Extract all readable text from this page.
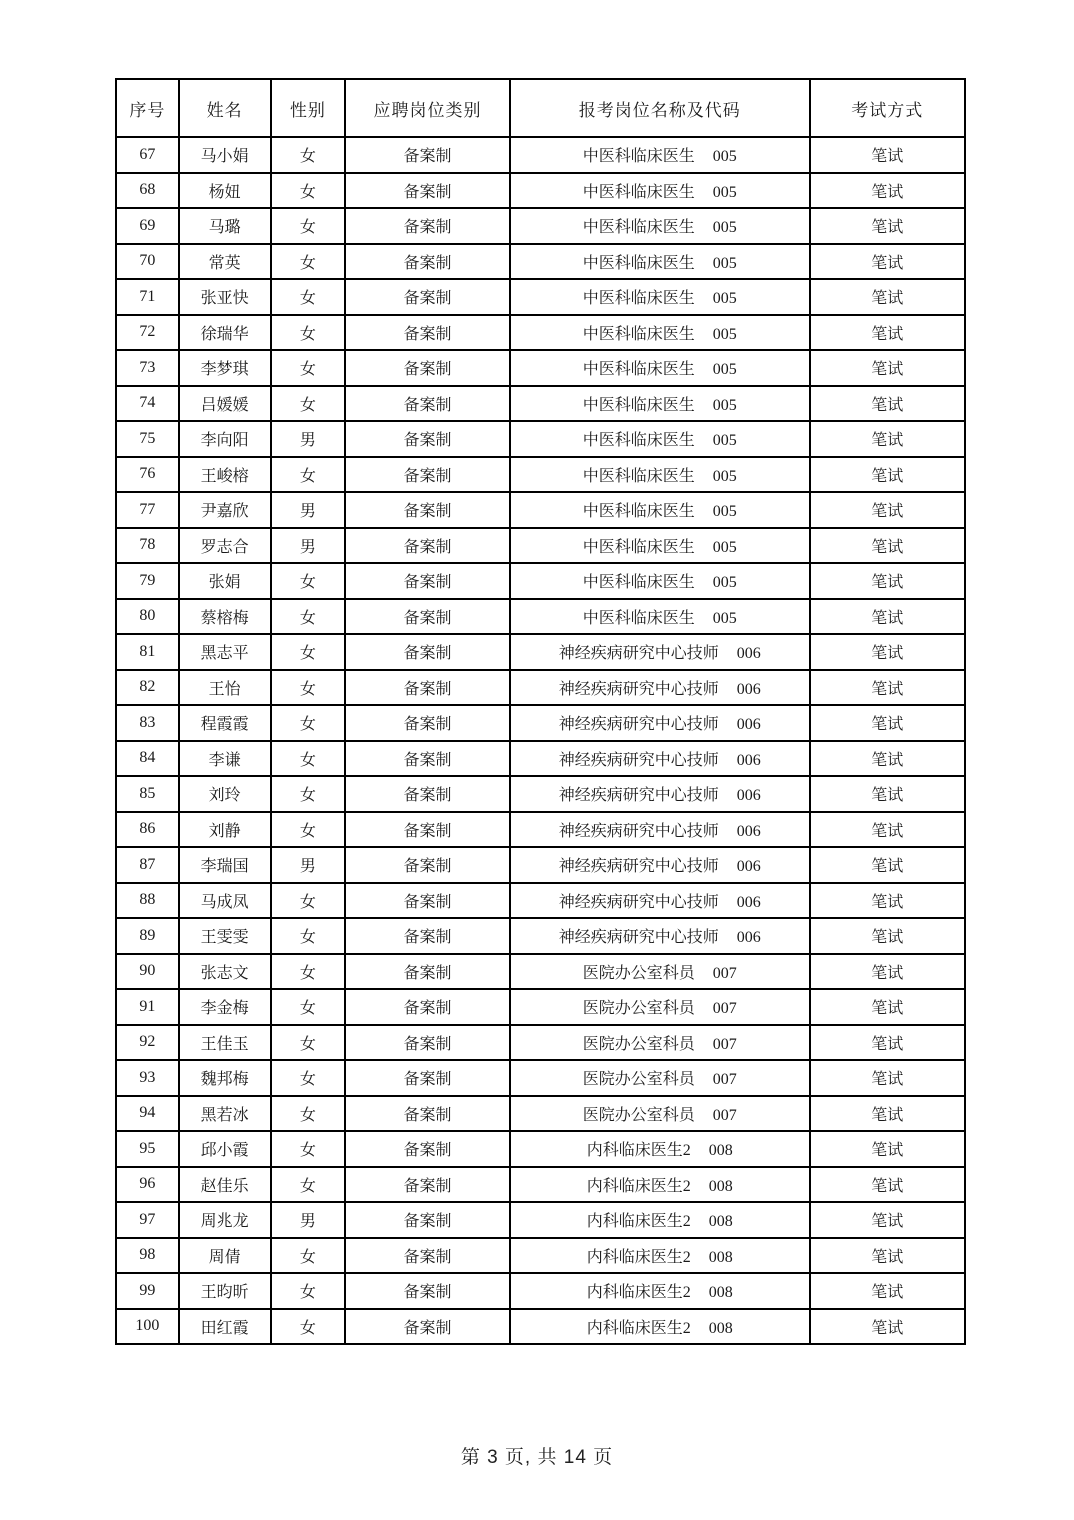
序号	姓名	性别	应聘岗位类别	报考岗位名称及代码	考试方式
67	马小娟	女	备案制	中医科临床医生 005	笔试
68	杨妞	女	备案制	中医科临床医生 005	笔试
69	马璐	女	备案制	中医科临床医生 005	笔试
70	常英	女	备案制	中医科临床医生 005	笔试
71	张亚快	女	备案制	中医科临床医生 005	笔试
72	徐瑞华	女	备案制	中医科临床医生 005	笔试
73	李梦琪	女	备案制	中医科临床医生 005	笔试
74	吕媛媛	女	备案制	中医科临床医生 005	笔试
75	李向阳	男	备案制	中医科临床医生 005	笔试
76	王峻榕	女	备案制	中医科临床医生 005	笔试
77	尹嘉欣	男	备案制	中医科临床医生 005	笔试
78	罗志合	男	备案制	中医科临床医生 005	笔试
79	张娟	女	备案制	中医科临床医生 005	笔试
80	蔡榕梅	女	备案制	中医科临床医生 005	笔试
81	黑志平	女	备案制	神经疾病研究中心技师 006	笔试
82	王怡	女	备案制	神经疾病研究中心技师 006	笔试
83	程霞霞	女	备案制	神经疾病研究中心技师 006	笔试
84	李谦	女	备案制	神经疾病研究中心技师 006	笔试
85	刘玲	女	备案制	神经疾病研究中心技师 006	笔试
86	刘静	女	备案制	神经疾病研究中心技师 006	笔试
87	李瑞国	男	备案制	神经疾病研究中心技师 006	笔试
88	马成凤	女	备案制	神经疾病研究中心技师 006	笔试
89	王雯雯	女	备案制	神经疾病研究中心技师 006	笔试
90	张志文	女	备案制	医院办公室科员 007	笔试
91	李金梅	女	备案制	医院办公室科员 007	笔试
92	王佳玉	女	备案制	医院办公室科员 007	笔试
93	魏邦梅	女	备案制	医院办公室科员 007	笔试
94	黑若冰	女	备案制	医院办公室科员 007	笔试
95	邱小霞	女	备案制	内科临床医生2 008	笔试
96	赵佳乐	女	备案制	内科临床医生2 008	笔试
97	周兆龙	男	备案制	内科临床医生2 008	笔试
98	周倩	女	备案制	内科临床医生2 008	笔试
99	王昀昕	女	备案制	内科临床医生2 008	笔试
100	田红霞	女	备案制	内科临床医生2 008	笔试
第 3 页, 共 14 页
